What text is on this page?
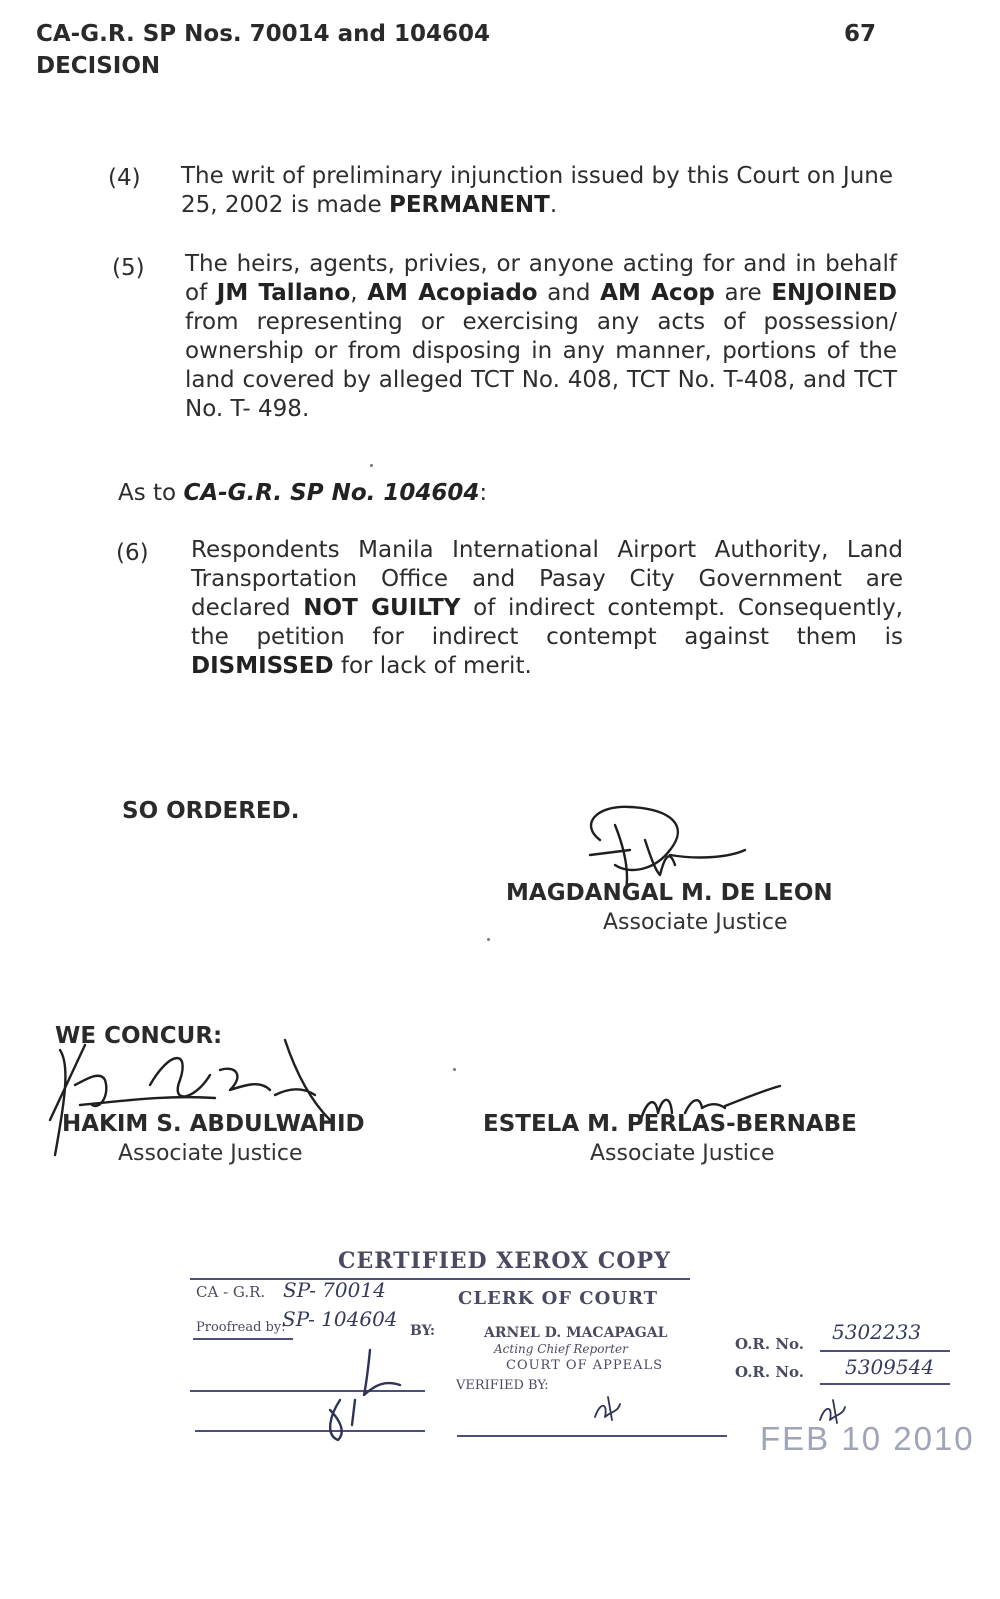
CA-G.R. SP Nos. 70014 and 104604
DECISION
67
(4) The writ of preliminary injunction issued by this Court on June 25, 2002 is made PERMANENT.
(5) The heirs, agents, privies, or anyone acting for and in behalf of JM Tallano, AM Acopiado and AM Acop are ENJOINED from representing or exercising any acts of possession/ ownership or from disposing in any manner, portions of the land covered by alleged TCT No. 408, TCT No. T-408, and TCT No. T- 498.
As to CA-G.R. SP No. 104604:
(6) Respondents Manila International Airport Authority, Land Transportation Office and Pasay City Government are declared NOT GUILTY of indirect contempt. Consequently, the petition for indirect contempt against them is DISMISSED for lack of merit.
SO ORDERED.
MAGDANGAL M. DE LEON
Associate Justice
WE CONCUR:
HAKIM S. ABDULWAHID
Associate Justice
ESTELA M. PERLAS-BERNABE
Associate Justice
CERTIFIED XEROX COPY
CA - G.R. SP- 70014
SP- 104604
Proofread by:	BY:
CLERK OF COURT
ARNEL D. MACAPAGAL
Acting Chief Reporter
COURT OF APPEALS
VERIFIED BY:
O.R. No. 5302233
O.R. No. 5309544
FEB 10 2010
